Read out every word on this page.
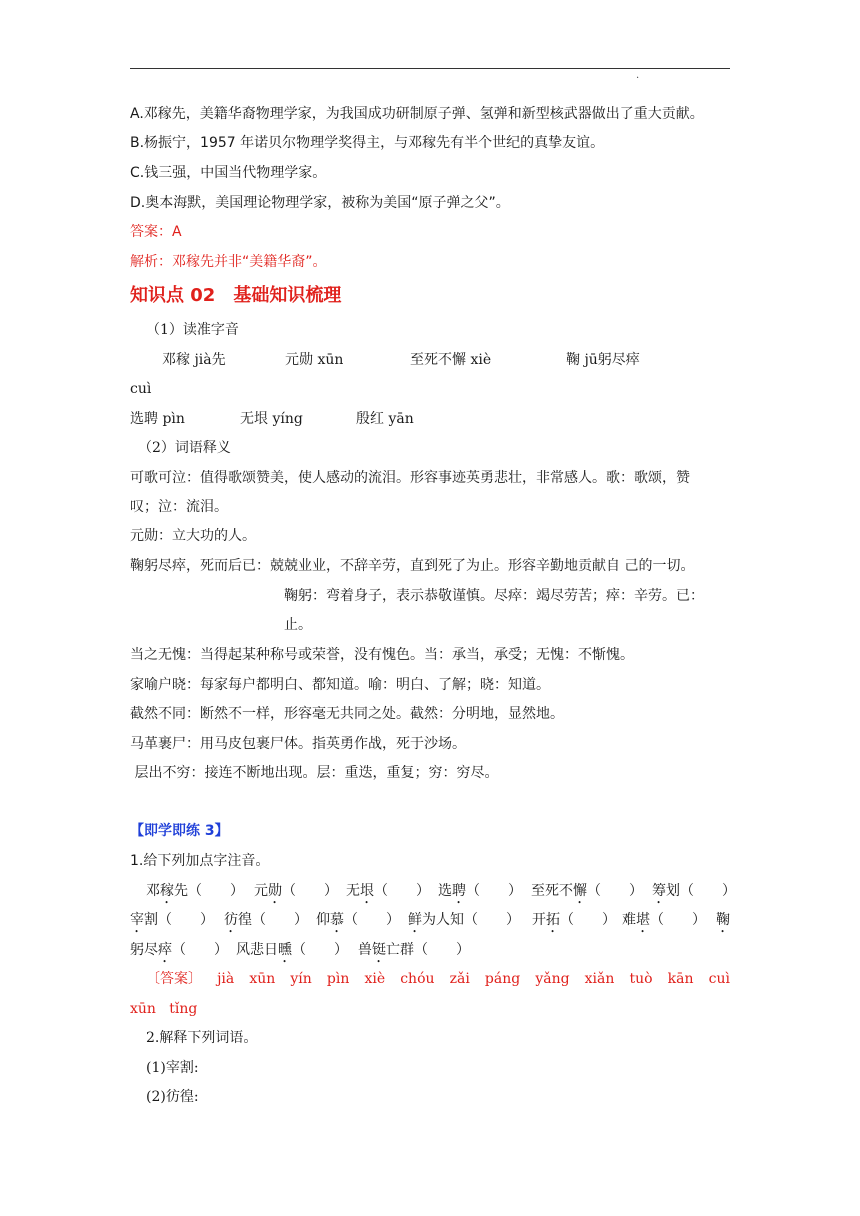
.
A.邓稼先，美籍华裔物理学家，为我国成功研制原子弹、氢弹和新型核武器做出了重大贡献。
B.杨振宁，1957 年诺贝尔物理学奖得主，与邓稼先有半个世纪的真挚友谊。
C.钱三强，中国当代物理学家。
D.奥本海默，美国理论物理学家，被称为美国“原子弹之父”。
答案：A
解析：邓稼先并非“美籍华裔”。
知识点 02　基础知识梳理
（1）读准字音
邓稼 jià先	元勋 xūn	至死不懈 xiè	鞠 jū躬尽瘁
cuì
选聘 pìn	无垠 yíng	殷红 yān
（2）词语释义
可歌可泣：值得歌颂赞美，使人感动的流泪。形容事迹英勇悲壮，非常感人。歌：歌颂，赞
叹；泣：流泪。
元勋：立大功的人。
鞠躬尽瘁，死而后已：兢兢业业，不辞辛劳，直到死了为止。形容辛勤地贡献自 己的一切。
鞠躬：弯着身子，表示恭敬谨慎。尽瘁：竭尽劳苦；瘁：辛劳。已：
止。
当之无愧：当得起某种称号或荣誉，没有愧色。当：承当，承受；无愧：不惭愧。
家喻户晓：每家每户都明白、都知道。喻：明白、了解；晓：知道。
截然不同：断然不一样，形容毫无共同之处。截然：分明地，显然地。
马革裹尸：用马皮包裹尸体。指英勇作战，死于沙场。
层出不穷：接连不断地出现。层：重迭，重复；穷：穷尽。
【即学即练 3】
1.给下列加点字注音。
邓稼先（　　） 元勋（　　） 无垠（　　） 选聘（　　） 至死不懈（　　） 筹划（　　）
宰割（　　） 彷徨（　　） 仰慕（　　） 鲜为人知（　　） 开拓（　　） 难堪（　　） 鞠
躬尽瘁（　　） 风悲日曛（　　） 兽铤亡群（　　）
〔答案〕 jià xūn yín pìn xiè chóu zǎi páng yǎng xiǎn tuò kān cuì
xūn tǐng
2.解释下列词语。
(1)宰割:
(2)彷徨:
